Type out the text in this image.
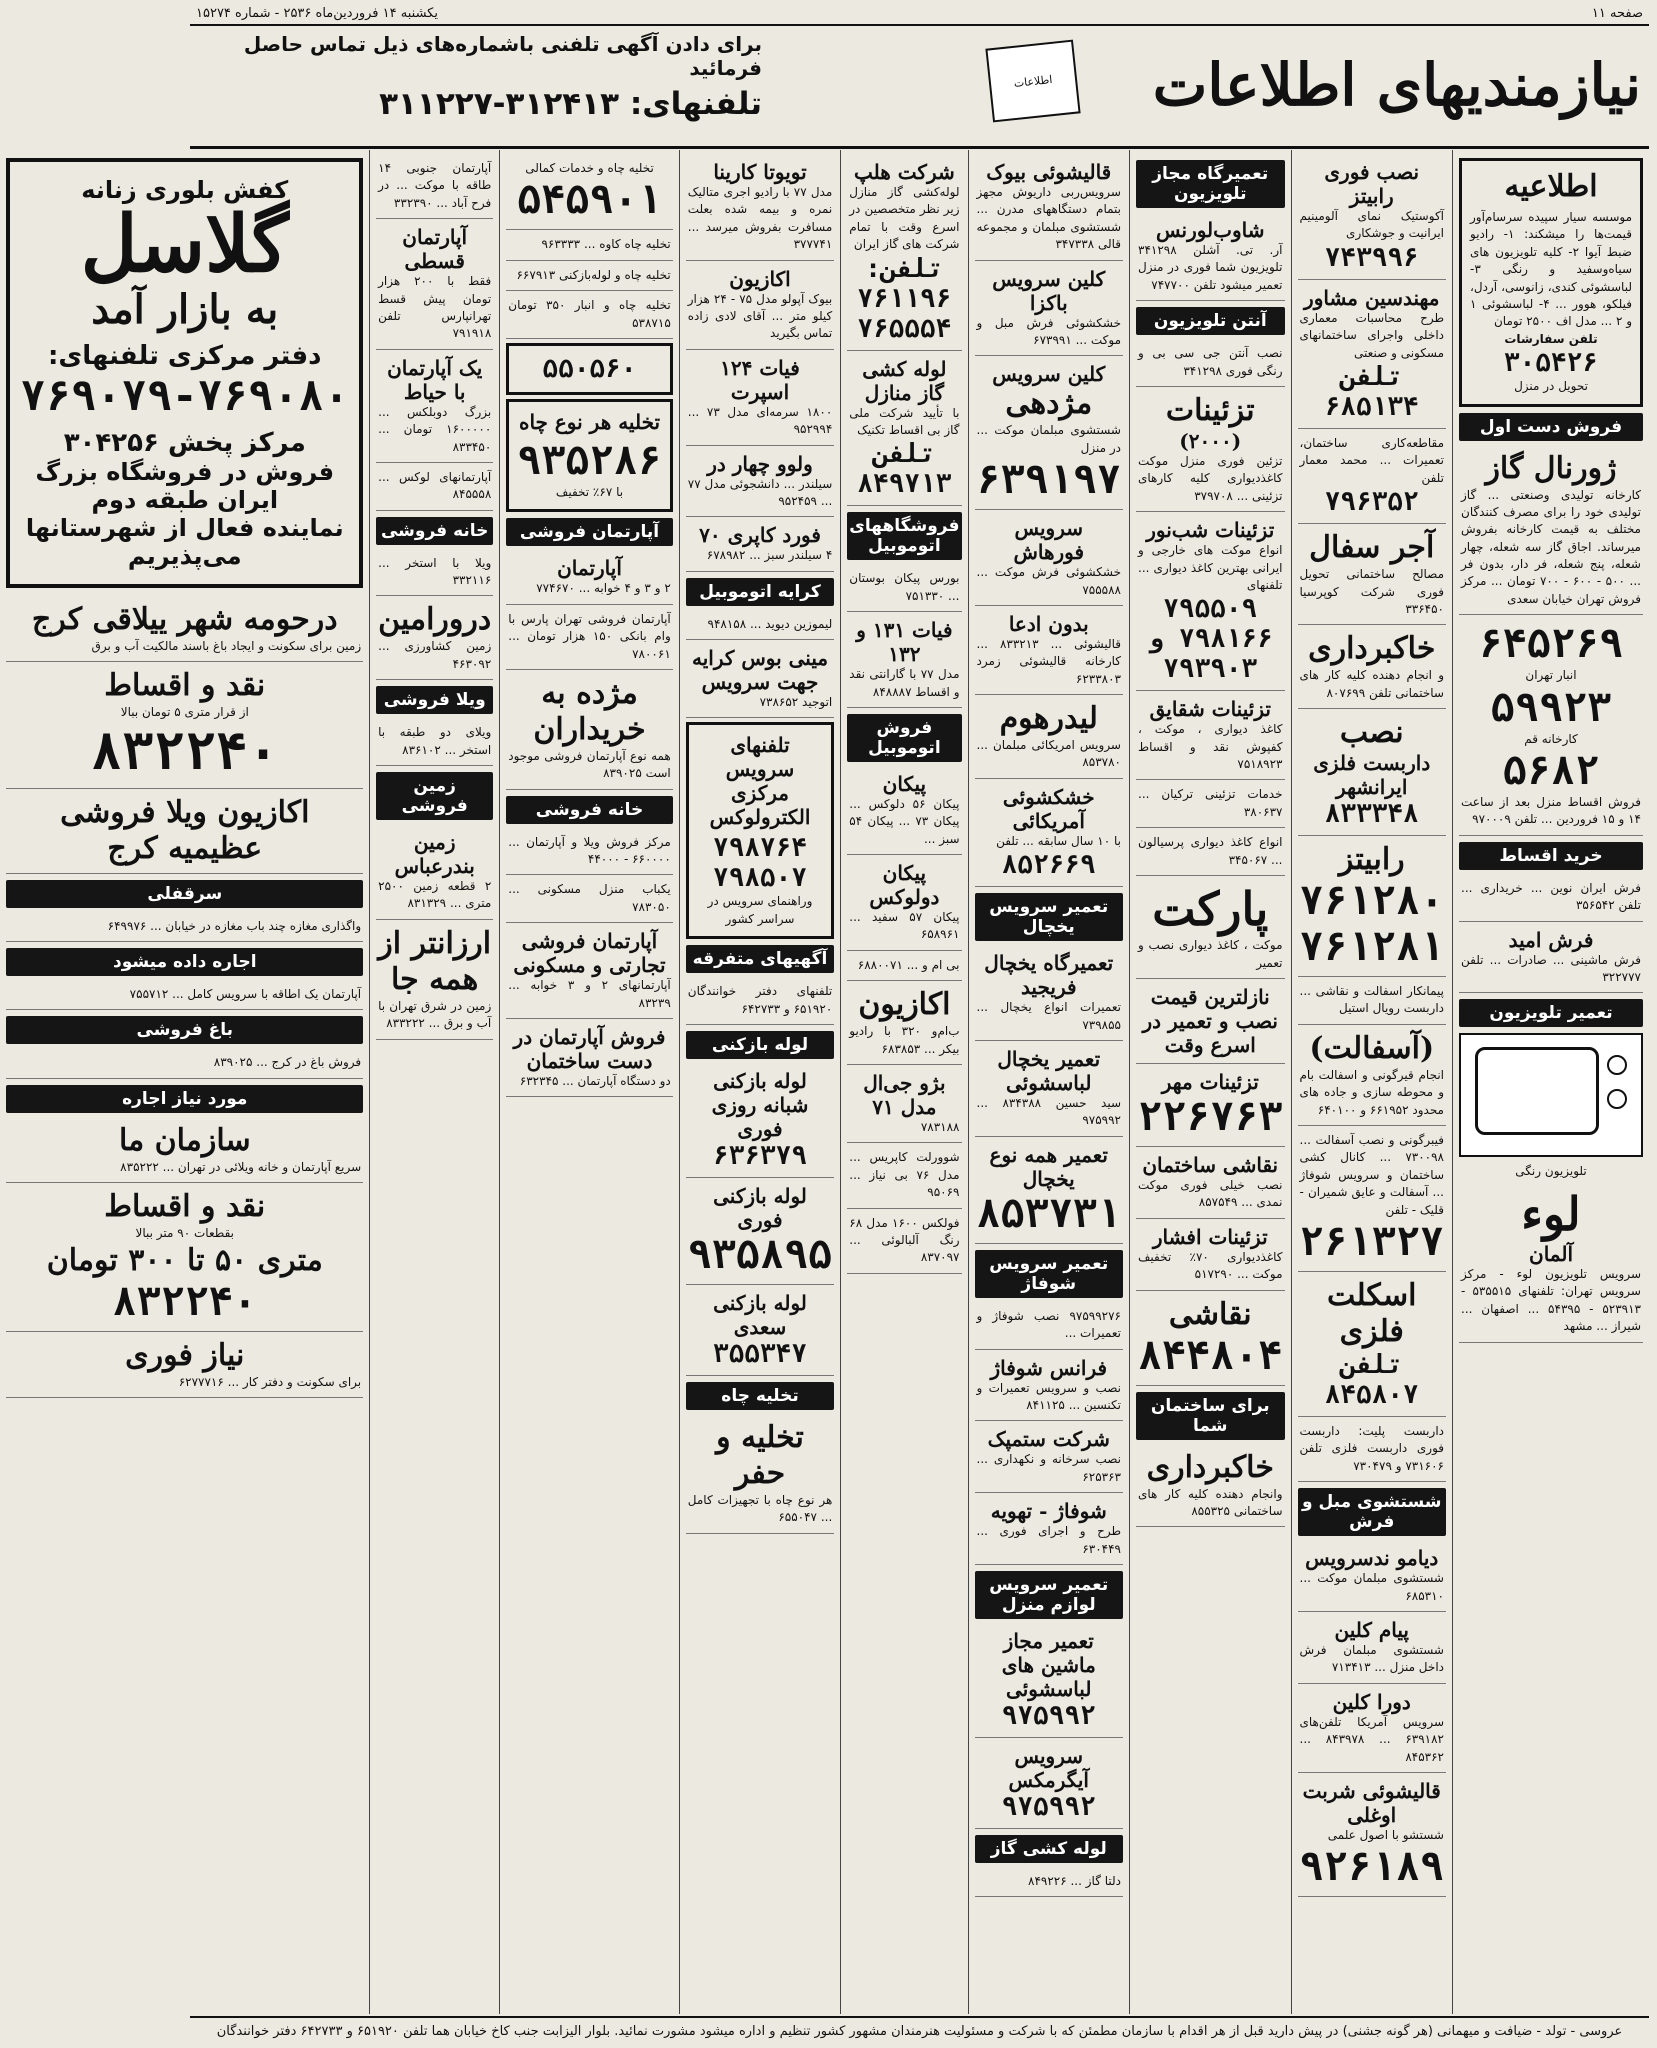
صفحه ۱۱
یکشنبه ۱۴ فروردین‌ماه ۲۵۳۶ - شماره ۱۵۲۷۴
اطلاعات	نیازمندیهای اطلاعات
برای دادن آگهی تلفنی باشماره‌های ذیل تماس حاصل فرمائید
تلفنهای: ۳۱۲۴۱۳-۳۱۱۲۲۷
اطلاعیه
موسسه سیار سپیده سرسام‌آور قیمت‌ها را میشکند: ۱- رادیو ضبط آیوا ۲- کلیه تلویزیون های سیاه‌وسفید و رنگی ۳- لباسشوئی کندی، زانوسی، آردل، فیلکو، هوور ... ۴- لباسشوئی ۱ و ۲ ... مدل اف ۲۵۰۰ تومان
تلفن سفارشات
۳۰۵۴۲۶
تحویل در منزل
فروش دست اول
ژورنال گاز
کارخانه تولیدی وصنعتی ... گاز تولیدی خود را برای مصرف کنندگان مختلف به قیمت کارخانه بفروش میرساند. اجاق گاز سه شعله، چهار شعله، پنج شعله، فر دار، بدون فر ... ۵۰۰ - ۶۰۰ - ۷۰۰ تومان ... مرکز فروش تهران خیابان سعدی
۶۴۵۲۶۹
انبار تهران
۵۹۹۲۳
کارخانه قم
۵۶۸۲
فروش اقساط منزل بعد از ساعت ۱۴ و ۱۵ فروردین ... تلفن ۹۷۰۰۰۹
خرید اقساط
فرش ایران نوین ... خریداری ... تلفن ۳۵۶۵۴۲
فرش امید
فرش ماشینی ... صادرات ... تلفن ۳۲۲۷۷۷
تعمیر تلویزیون
تلویزیون رنگی
لوء
آلمان
سرویس تلویزیون لوء - مرکز سرویس تهران: تلفنهای ۵۳۵۵۱۵ - ۵۲۳۹۱۳ - ۵۴۳۹۵ ... اصفهان ... شیراز ... مشهد
نصب فوری رابیتز
آکوستیک نمای آلومینیم ایرانیت و جوشکاری
۷۴۳۹۹۶
مهندسین مشاور
طرح محاسبات معماری داخلی واجرای ساختمانهای مسکونی و صنعتی
تلفن ۶۸۵۱۳۴
مقاطعه‌کاری ساختمان، تعمیرات ... محمد معمار تلفن
۷۹۶۳۵۲
آجر سفال
مصالح ساختمانی تحویل فوری شرکت کوپرسیا ۳۳۶۴۵۰
خاکبرداری
و انجام دهنده کلیه کار های ساختمانی تلفن ۸۰۷۶۹۹
نصب
داربست فلزی ایرانشهر
۸۳۳۳۴۸
رابیتز
۷۶۱۲۸۰
۷۶۱۲۸۱
پیمانکار اسفالت و نقاشی ... داربست رویال استیل
(آسفالت)
انجام قیرگونی و اسفالت بام و محوطه سازی و جاده های محدود ۶۶۱۹۵۲ و ۶۴۰۱۰۰
فیبرگونی و نصب آسفالت ... ۷۳۰۰۹۸ ... کانال کشی ساختمان و سرویس شوفاژ ... آسفالت و عایق شمیران - قلیک - تلفن
۲۶۱۳۲۷
اسکلت فلزی
تلفن ۸۴۵۸۰۷
داربست پلیت: داربست فوری داربست فلزی تلفن ۷۳۱۶۰۶ و ۷۳۰۴۷۹
شستشوی مبل و فرش
دیامو ندسرویس
شستشوی مبلمان موکت ... ۶۸۵۳۱۰
پیام کلین
شستشوی مبلمان فرش داخل منزل ... ۷۱۳۴۱۳
دورا کلین
سرویس آمریکا تلفن‌های ۶۳۹۱۸۲ ... ۸۴۳۹۷۸ ... ۸۴۵۳۶۲
قالیشوئی شربت اوغلی
شستشو با اصول علمی
۹۲۶۱۸۹
تعمیرگاه مجاز تلویزیون
شاوب‌لورنس
آر. تی. آشلن ۳۴۱۲۹۸ تلویزیون شما فوری در منزل تعمیر میشود تلفن ۷۴۷۷۰۰
آنتن تلویزیون
نصب آنتن جی سی بی و رنگی فوری ۳۴۱۲۹۸
تزئینات
(۲۰۰۰)
تزئین فوری منزل موکت کاغذدیواری کلیه کارهای تزئینی ... ۳۷۹۷۰۸
تزئینات شب‌نور
انواع موکت های خارجی و ایرانی بهترین کاغذ دیواری ... تلفنهای
۷۹۵۵۰۹
۷۹۸۱۶۶ و ۷۹۳۹۰۳
تزئینات شقایق
کاغذ دیواری ، موکت ، کفپوش نقد و اقساط ۷۵۱۸۹۲۳
خدمات تزئینی ترکیان ... ۳۸۰۶۳۷
انواع کاغذ دیواری پرسیالون ... ۳۴۵۰۶۷
پارکت
موکت ، کاغذ دیواری نصب و تعمیر
نازلترین قیمت
نصب و تعمیر در اسرع وقت
تزئینات مهر
۲۲۶۷۶۳
نقاشی ساختمان
نصب خیلی فوری موکت نمدی ... ۸۵۷۵۴۹
تزئینات افشار
کاغذدیواری ۷۰٪ تخفیف موکت ... ۵۱۷۲۹۰
نقاشی
۸۴۴۸۰۴
برای ساختمان شما
خاکبرداری
وانجام دهنده کلیه کار های ساختمانی ۸۵۵۳۲۵
قالیشوئی بیوک
سرویس‌ربی داریوش مجهز بتمام دستگاههای مدرن ... شستشوی مبلمان و مجموعه قالی ۳۴۷۳۳۸
کلین سرویس باکزا
خشکشوئی فرش مبل و موکت ... ۶۷۳۹۹۱
کلین سرویس
مژدهی
شستشوی مبلمان موکت ... در منزل
۶۳۹۱۹۷
سرویس فورهاش
خشکشوئی فرش موکت ... ۷۵۵۵۸۸
بدون ادعا
قالیشوئی ... ۸۳۳۲۱۳ ... کارخانه قالیشوئی زمرد ۶۲۳۳۸۰۳
لیدرهوم
سرویس امریکائی مبلمان ... ۸۵۳۷۸۰
خشکشوئی آمریکائی
با ۱۰ سال سابقه ... تلفن
۸۵۲۶۶۹
تعمیر سرویس یخچال
تعمیرگاه یخچال فریجید
تعمیرات انواع یخچال ... ۷۳۹۸۵۵
تعمیر یخچال لباسشوئی
سید حسین ۸۳۴۳۸۸ ... ۹۷۵۹۹۲
تعمیر همه نوع یخچال
۸۵۳۷۳۱
تعمیر سرویس شوفاژ
۹۷۵۹۹۲۷۶ نصب شوفاژ و تعمیرات ...
فرانس شوفاژ
نصب و سرویس تعمیرات و تکنسین ... ۸۴۱۱۲۵
شرکت ستمپک
نصب سرخانه و نکهداری ... ۶۲۵۳۶۳
شوفاژ - تهویه
طرح و اجرای فوری ... ۶۳۰۴۴۹
تعمیر سرویس لوازم منزل
تعمیر مجاز ماشین های لباسشوئی
۹۷۵۹۹۲
سرویس آیگرمکس
۹۷۵۹۹۲
لوله کشی گاز
دلتا گاز ... ۸۴۹۲۲۶
شرکت هلپ
لوله‌کشی گاز منازل زیر نظر متخصصین در اسرع وقت با تمام شرکت های گاز ایران
تلفن: ۷۶۱۱۹۶
۷۶۵۵۵۴
لوله کشی گاز منازل
با تأیید شرکت ملی گاز بی اقساط تکنیک
تلفن ۸۴۹۷۱۳
فروشگاههای اتوموبیل
بورس پیکان بوستان ... ۷۵۱۳۳۰
فیات ۱۳۱ و ۱۳۲
مدل ۷۷ با گارانتی نقد و اقساط ۸۴۸۸۸۷
فروش اتوموبیل
پیکان
پیکان ۵۶ دلوکس ... پیکان ۷۳ ... پیکان ۵۴ سبز ...
پیکان دولوکس
پیکان ۵۷ سفید ... ۶۵۸۹۶۱
بی ام و ... ۶۸۸۰۰۷۱
اکازیون
ب‌ام‌و ۳۲۰ با رادیو بیکر ... ۶۸۳۸۵۳
بژو جی‌ال مدل ۷۱
۷۸۳۱۸۸
شوورلت کاپریس ... مدل ۷۶ بی‌ نیاز ... ۹۵۰۶۹
فولکس ۱۶۰۰ مدل ۶۸ رنگ آلبالوئی ... ۸۳۷۰۹۷
تویوتا کارینا
مدل ۷۷ با رادیو اجری متالیک نمره و بیمه شده بعلت مسافرت بفروش میرسد ... ۳۷۷۷۴۱
اکازیون
بیوک آپولو مدل ۷۵ - ۲۴ هزار کیلو متر ... آقای لادی زاده تماس بگیرید
فیات ۱۲۴ اسپرت
۱۸۰۰ سرمه‌ای مدل ۷۳ ... ۹۵۲۹۹۴
ولوو چهار در
سیلندر ... دانشجوئی مدل ۷۷ ... ۹۵۲۴۵۹
فورد کاپری ۷۰
۴ سیلندر سبز ... ۶۷۸۹۸۲
کرایه اتوموبیل
لیموزین دیوید ... ۹۴۸۱۵۸
مینی بوس کرایه جهت سرویس
اتوجید ۷۳۸۶۵۲
تلفنهای سرویس مرکزی الکترولوکس
۷۹۸۷۶۴
۷۹۸۵۰۷
وراهنمای سرویس در سراسر کشور
آگهیهای متفرقه
تلفنهای دفتر خوانندگان ۶۵۱۹۲۰ و ۶۴۲۷۳۳
لوله بازکنی
لوله بازکنی شبانه روزی فوری
۶۳۶۳۷۹
لوله بازکنی فوری
۹۳۵۸۹۵
لوله بازکنی سعدی
۳۵۵۳۴۷
تخلیه چاه
تخلیه و حفر
هر نوع چاه با تجهیزات کامل ... ۶۵۵۰۴۷
تخلیه چاه و خدمات کمالی
۵۴۵۹۰۱
تخلیه چاه کاوه ... ۹۶۳۳۳۳
تخلیه چاه و لوله‌بازکنی ۶۶۷۹۱۳
تخلیه چاه و انبار ۳۵۰ تومان ۵۳۸۷۱۵
۵۵۰۵۶۰
تخلیه هر نوع چاه
۹۳۵۲۸۶
با ۶۷٪ تخفیف
آپارتمان فروشی
آپارتمان
۲ و ۳ و ۴ خوابه ... ۷۷۴۶۷۰
آپارتمان فروشی تهران پارس با وام بانکی ۱۵۰ هزار تومان ... ۷۸۰۰۶۱
مژده به خریداران
همه نوع آپارتمان فروشی موجود است ۸۳۹۰۲۵
خانه فروشی
مرکز فروش ویلا و آپارتمان ... ۶۶۰۰۰۰ - ۴۴۰۰۰
یکباب منزل مسکونی ... ۷۸۳۰۵۰
آپارتمان فروشی تجارتی و مسکونی
آپارتمانهای ۲ و ۳ خوابه ... ۸۳۲۳۹
فروش آپارتمان در دست ساختمان
دو دستگاه آپارتمان ... ۶۳۲۳۴۵
آپارتمان جنوبی ۱۴ طاقه با موکت ... در فرح آباد ... ۳۳۲۳۹۰
آپارتمان قسطی
فقط با ۲۰۰ هزار تومان پیش قسط تهرانپارس تلفن ۷۹۱۹۱۸
یک آپارتمان با حیاط
بزرگ دوبلکس ... ۱۶۰۰۰۰۰ تومان ... ۸۳۳۴۵۰
آپارتمانهای لوکس ... ۸۴۵۵۵۸
خانه فروشی
ویلا با استخر ... ۳۳۲۱۱۶
درورامین
زمین کشاورزی ... ۴۶۳۰۹۲
ویلا فروشی
ویلای دو طبقه با استخر ... ۸۳۶۱۰۲
زمین فروشی
زمین بندرعباس
۲ قطعه زمین ۲۵۰۰ متری ... ۸۳۱۳۲۹
ارزانتر از همه جا
زمین در شرق تهران با آب و برق ... ۸۳۳۲۲۲
کفش بلوری زنانه
گلاسل
به بازار آمد
دفتر مرکزی تلفنهای:
۷۶۹۰۷۹-۷۶۹۰۸۰
مرکز پخش ۳۰۴۲۵۶
فروش در فروشگاه بزرگ ایران طبقه دوم
نماینده فعال از شهرستانها می‌پذیریم
درحومه شهر ییلاقی کرج
زمین برای سکونت و ایجاد باغ باسند مالکیت آب و برق
نقد و اقساط
از قرار متری ۵ تومان ببالا
۸۳۲۲۴۰
اکازیون ویلا فروشی
عظیمیه کرج
سرقفلی
واگذاری مغازه چند باب مغازه در خیابان ... ۶۴۹۹۷۶
اجاره داده میشود
آپارتمان یک اطاقه با سرویس کامل ... ۷۵۵۷۱۲
باغ فروشی
فروش باغ در کرج ... ۸۳۹۰۲۵
مورد نیاز اجاره
سازمان ما
سریع آپارتمان و خانه ویلائی در تهران ... ۸۳۵۲۲۲
نقد و اقساط
بقطعات ۹۰ متر ببالا
متری ۵۰ تا ۳۰۰ تومان
۸۳۲۲۴۰
نیاز فوری
برای سکونت و دفتر کار ... ۶۲۷۷۷۱۶
عروسی - تولد - ضیافت و میهمانی (هر گونه جشنی) در پیش دارید قبل از هر اقدام با سازمان مطمئن که با شرکت و مسئولیت هنرمندان مشهور کشور تنظیم و اداره میشود مشورت نمائید. بلوار الیزابت جنب کاخ خیابان هما تلفن ۶۵۱۹۲۰ و ۶۴۲۷۳۳ دفتر خوانندگان
